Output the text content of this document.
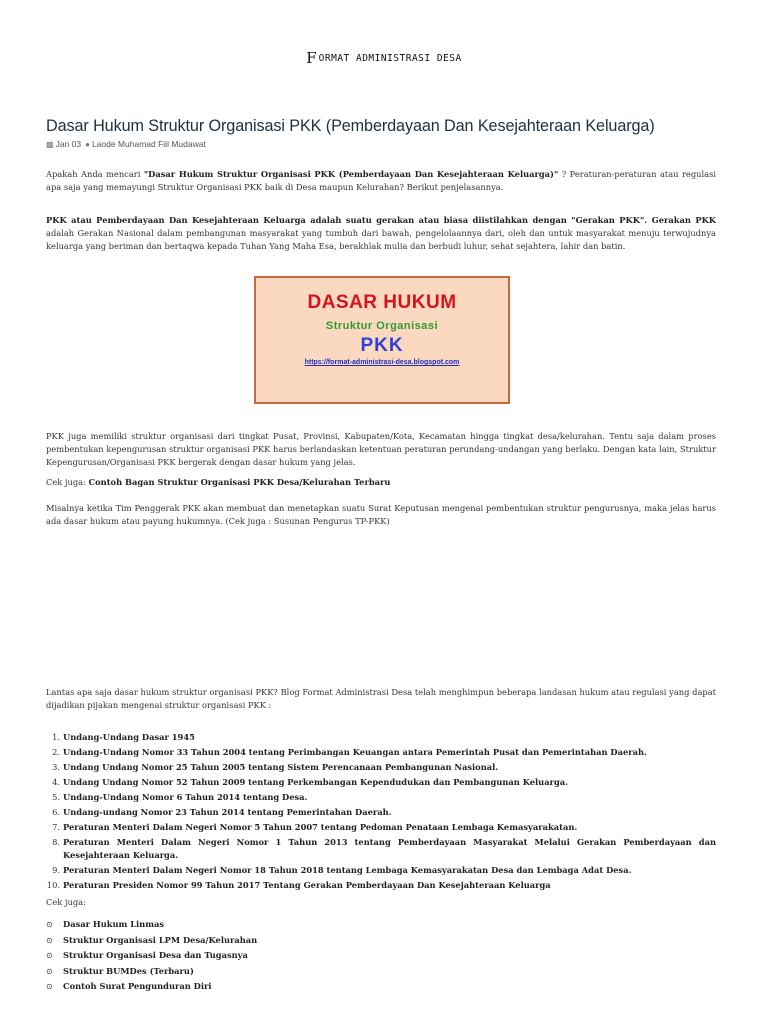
F ORMAT ADMINISTRASI DESA
Dasar Hukum Struktur Organisasi PKK (Pemberdayaan Dan Kesejahteraan Keluarga)
▩ Jan 03 ● Laode Muhamad Fiil Mudawat

Apakah Anda mencari "Dasar Hukum Struktur Organisasi PKK (Pemberdayaan Dan Kesejahteraan Keluarga)" ? Peraturan-peraturan atau regulasi apa saja yang memayungi Struktur Organisasi PKK baik di Desa maupun Kelurahan? Berikut penjelasannya.

PKK atau Pemberdayaan Dan Kesejahteraan Keluarga adalah suatu gerakan atau biasa diistilahkan dengan "Gerakan PKK". Gerakan PKK adalah Gerakan Nasional dalam pembangunan masyarakat yang tumbuh dari bawah, pengelolaannya dari, oleh dan untuk masyarakat menuju terwujudnya keluarga yang beriman dan bertaqwa kepada Tuhan Yang Maha Esa, berakhlak mulia dan berbudi luhur, sehat sejahtera, lahir dan batin.

DASAR HUKUM
Struktur Organisasi
PKK
https://format-administrasi-desa.blogspot.com

PKK juga memiliki struktur organisasi dari tingkat Pusat, Provinsi, Kabupaten/Kota, Kecamatan hingga tingkat desa/kelurahan. Tentu saja dalam proses pembentukan kepengurusan struktur organisasi PKK harus berlandaskan ketentuan peraturan perundang-undangan yang berlaku. Dengan kata lain, Struktur Kepengurusan/Organisasi PKK bergerak dengan dasar hukum yang jelas.

Cek juga: Contoh Bagan Struktur Organisasi PKK Desa/Kelurahan Terbaru

Misalnya ketika Tim Penggerak PKK akan membuat dan menetapkan suatu Surat Keputusan mengenai pembentukan struktur pengurusnya, maka jelas harus ada dasar hukum atau payung hukumnya. (Cek juga : Susunan Pengurus TP-PKK)

Lantas apa saja dasar hukum struktur organisasi PKK? Blog Format Administrasi Desa telah menghimpun beberapa landasan hukum atau regulasi yang dapat dijadikan pijakan mengenai struktur organisasi PKK :

1. Undang-Undang Dasar 1945
2. Undang-Undang Nomor 33 Tahun 2004 tentang Perimbangan Keuangan antara Pemerintah Pusat dan Pemerintahan Daerah.
3. Undang Undang Nomor 25 Tahun 2005 tentang Sistem Perencanaan Pembangunan Nasional.
4. Undang Undang Nomor 52 Tahun 2009 tentang Perkembangan Kependudukan dan Pembangunan Keluarga.
5. Undang-Undang Nomor 6 Tahun 2014 tentang Desa.
6. Undang-undang Nomor 23 Tahun 2014 tentang Pemerintahan Daerah.
7. Peraturan Menteri Dalam Negeri Nomor 5 Tahun 2007 tentang Pedoman Penataan Lembaga Kemasyarakatan.
8. Peraturan Menteri Dalam Negeri Nomor 1 Tahun 2013 tentang Pemberdayaan Masyarakat Melalui Gerakan Pemberdayaan dan Kesejahteraan Keluarga.
9. Peraturan Menteri Dalam Negeri Nomor 18 Tahun 2018 tentang Lembaga Kemasyarakatan Desa dan Lembaga Adat Desa.
10. Peraturan Presiden Nomor 99 Tahun 2017 Tentang Gerakan Pemberdayaan Dan Kesejahteraan Keluarga

Cek juga:

⊙	Dasar Hukum Linmas
⊙	Struktur Organisasi LPM Desa/Kelurahan
⊙	Struktur Organisasi Desa dan Tugasnya
⊙	Struktur BUMDes (Terbaru)
⊙	Contoh Surat Pengunduran Diri
